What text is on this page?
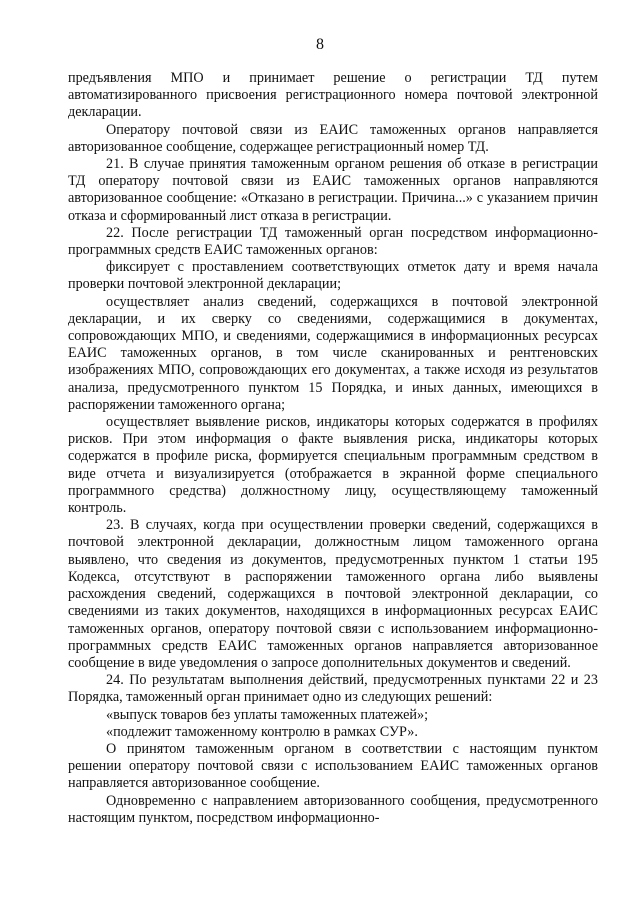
8

предъявления МПО и принимает решение о регистрации ТД путем автоматизированного присвоения регистрационного номера почтовой электронной декларации.

Оператору почтовой связи из ЕАИС таможенных органов направляется авторизованное сообщение, содержащее регистрационный номер ТД.

21. В случае принятия таможенным органом решения об отказе в регистрации ТД оператору почтовой связи из ЕАИС таможенных органов направляются авторизованное сообщение: «Отказано в регистрации. Причина...» с указанием причин отказа и сформированный лист отказа в регистрации.

22. После регистрации ТД таможенный орган посредством информационно-программных средств ЕАИС таможенных органов:

фиксирует с проставлением соответствующих отметок дату и время начала проверки почтовой электронной декларации;

осуществляет анализ сведений, содержащихся в почтовой электронной декларации, и их сверку со сведениями, содержащимися в документах, сопровождающих МПО, и сведениями, содержащимися в информационных ресурсах ЕАИС таможенных органов, в том числе сканированных и рентгеновских изображениях МПО, сопровождающих его документах, а также исходя из результатов анализа, предусмотренного пунктом 15 Порядка, и иных данных, имеющихся в распоряжении таможенного органа;

осуществляет выявление рисков, индикаторы которых содержатся в профилях рисков. При этом информация о факте выявления риска, индикаторы которых содержатся в профиле риска, формируется специальным программным средством в виде отчета и визуализируется (отображается в экранной форме специального программного средства) должностному лицу, осуществляющему таможенный контроль.

23. В случаях, когда при осуществлении проверки сведений, содержащихся в почтовой электронной декларации, должностным лицом таможенного органа выявлено, что сведения из документов, предусмотренных пунктом 1 статьи 195 Кодекса, отсутствуют в распоряжении таможенного органа либо выявлены расхождения сведений, содержащихся в почтовой электронной декларации, со сведениями из таких документов, находящихся в информационных ресурсах ЕАИС таможенных органов, оператору почтовой связи с использованием информационно-программных средств ЕАИС таможенных органов направляется авторизованное сообщение в виде уведомления о запросе дополнительных документов и сведений.

24. По результатам выполнения действий, предусмотренных пунктами 22 и 23 Порядка, таможенный орган принимает одно из следующих решений:

«выпуск товаров без уплаты таможенных платежей»;

«подлежит таможенному контролю в рамках СУР».

О принятом таможенным органом в соответствии с настоящим пунктом решении оператору почтовой связи с использованием ЕАИС таможенных органов направляется авторизованное сообщение.

Одновременно с направлением авторизованного сообщения, предусмотренного настоящим пунктом, посредством информационно-
